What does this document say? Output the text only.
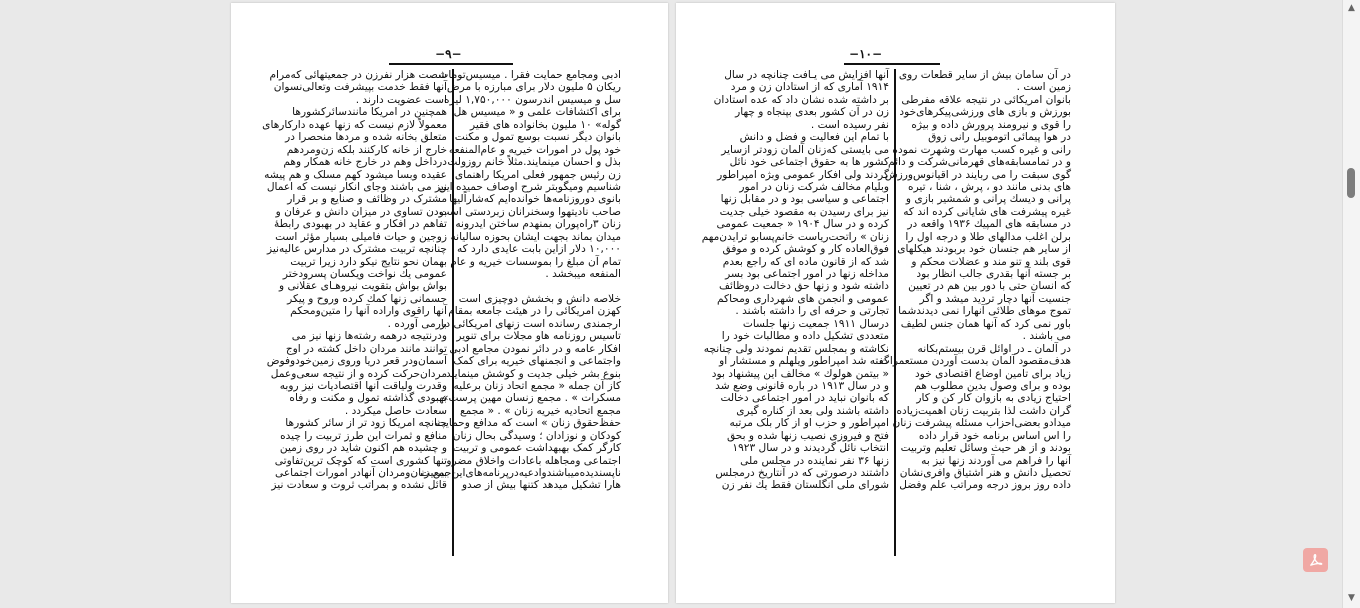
−٩−
ادبی ومجامع حمایت فقرا . میسیس‌توماث
ریکان ۵ ملیون دلار برای مبارزه با مرض
سل و میسیس اندرسون ۱,۷۵۰,۰۰۰ لیره
برای اکتشافات علمی و « میسیس هل
گوله‌» ۱۰ ملیون بخانواده های فقیر
بانوان دیگر نسبت بوسع تمول و مکنت
خود پول در امورات خیریه و عام‌المنفعه
بذل و احسان مینمایند.مثلاً خانم روزولت
زن رئیس جمهور فعلی امریکا راهنمای
شناسیم ومیگوبتر شرح اوصاف حمیده این
بانوی دوروزنامه‌ها خوانده‌ایم که‌شاراًلیها
صاحب نادیتهوا وسخنرانان زبردستی است
زنان ۳راه‌پوران بمنهدم ساختن ایدرونه
میدان بماند بجهت ایشان بحوزه سالیانه
۱۰,۰۰۰ دلار ازاین بابت عایدی دارد که
تمام آن مبلغ را بموسسات خیریه و عام
المنفعه میبخشد .
خلاصه دانش و بخشش دوچیزی است
کهزن امریکائی را در هیئت جامعه بمقام
ارجمندی رسانده است زنهای امریکائی در
تاسیس روزنامه هاو مجلات برای تنویر
افکار عامه و در دائر نمودن مجامع ادبی
واجتماعی و انجمنهای خیریه برای کمک
بنوع بشر خیلی جدیت و کوشش مینمایند
کاز آن جمله « مجمع اتحاد زنان برعلیه
مسکرات » . مجمع زنسان مهین پرست» ،
مجمع اتحادیه خیریه زنان » . « مجمع
حفظ‌حقوق زنان » است که مدافع وحمایت
کودکان و نوزادان ؛ وسیدگی بحال زنان
کارگر کمک بهبهداشت عمومی و تربیت
اجتماعی ومجاهله باعادات واخلاق مضرو
ناپسندیده‌میباشندوادعیه‌درپرنامه‌های‌این‌جمعیت
هارا تشکیل میدهد کتنها بیش از صدو
شصت هزار نفرزن در جمعیتهائی که‌مرام
آنها فقط خدمت بپیشرفت وتعالی‌نسوان
است عضویت دارند .
همچنین در امریکا مانندسائرکشورها
معمولاً لازم نیست که زنها عهده دارکارهای
متعلق بخانه شده و مردها منحصرا در
خارج از خانه کارکنند بلکه زن‌ومردهم
درداخل وهم در خارج خانه همکار وهم
عقیده وبسا میشود کهم مسلک و هم پیشه
نیز می باشند وجای انکار نیست که اعمال
مشترک در وظائف و صنایع و بر قرار
بودن تساوی در میزان دانش و عرفان و
تفاهم در افکار و عقاید در بهبودی رابطهٔ
زوجین و حیات فامیلی بسیار مؤثر است
چنانچه تربیت مشترک در مدارس عالیه‌نیز
بهمان نحو نتایج نیکو دارد زیرا تربیت
عمومی یك نواخت ویکسان پسرودختر
بواش بواش بتقویت نیروهـای عقلانی و
جسمانی زنها کمك کرده وروح و پیکر
آنها راقوی واراده آنها را متین‌ومحکم
بارمی آورده .
ودرنتیجه درهمه رشته‌ها زنها نیز می
توانند مانند مردان داخل کشته در اوج
آسمان‌ودر قعر دریا وروی زمین‌خودوفوض
مردان‌حرکت کرده و از نتیجه سعی‌وعمل
وقدرت ولیاقت آنها اقتصادیات نیز روبه
بهبودی گذاشته تمول و مکنت و رفاه
سعادت حاصل میکردد .
چنانچه امریکا زود تر از سائر کشورها
منافع و ثمرات این طرز تربیت را چیده
و چشیده هم اکنون شاید در روی زمین
تنها کشوری است که کوچک ترین‌تفاوتی
بین زنان‌ومردان آنهادر امورات اجتماعی
قائل نشده و بمراتب ثروت و سعادت نیز
−١٠−
در آن سامان بیش از سایر قطعات روی
زمین است .
بانوان امریکائی در نتیجه علاقه مفرطی
بورزش و بازی های ورزشی‌پیکرهای‌خود
را قوی و نیرومند پرورش داده و بیژه
در هوا پیمائی اتوموبیل رانی زوق
رانی و غیره کسب مهارت وشهرت نموده
و در تمامسابقه‌های قهرمانی‌شرکت و دائم
گوی سبقت را می ربایند در اقیانوس‌ورزش
های بدنی مانند دو ، پرش ، شنا ، تیره
پرانی و دیسك پرانی و شمشیر بازی و
غیره پیشرفت های شایانی کرده اند که
در مسابقه های المپیك ۱۹۳۶ واقعه در
برلن اغلب مدالهای طلا و درجه اول را
از سایر هم جنسان خود بربودند هیکلهای
قوی بلند و تنو مند و عضلات محکم و
بر جسته آنها بقدری جالب انظار بود
که انسان حتی با دور بین هم در تعیین
جنسیت آنها دچار تردید میشد و اگر
تموج موهای طلائی آنهارا نمی دیدند‌شما
باور نمی کرد که آنها همان جنس لطیف
می باشند .
در آلمان ـ در اوائل قرن بیستم‌بکانه
هدف‌مقصود آلمان بدست آوردن مستعمرات
زیاد برای تامین اوضاع اقتصادی خود
بوده و برای وصول بدین مطلوب هم
احتیاج زیادی به بازوان کار کن و کار
گران داشت لذا بتربیت زنان اهمیت‌زیاده
میدادو بعضی‌احزاب مسئله پیشرفت زنان
را اس اساس برنامه خود قرار داده
بودند و از هر حیث وسائل تعلیم وتربیت
آنها را فراهم می آوردند زنها نیز به
تحصیل دانش و هنر اشتیاق وافری‌نشان
داده روز بروز درجه ومراتب علم وفضل
آنها افزایش می یـافت چنانچه در سال
۱۹۱۴ آماری که از استادان زن و مرد
بر داشته شده نشان داد که عده استادان
زن در آن کشور بعدی بپنجاه و چهار
نفر رسیده است .
با تمام این فعالیت و فضل و دانش
می بایستی که‌زنان آلمان زودتر ازسایر
کشور ها به حقوق اجتماعی خود نائل
گردند ولی افکار عمومی وبژه امپراطور
وبلیام مخالف شرکت زنان در امور
اجتماعی و سیاسی بود و در مقابل زنها
نیز برای رسیدن به مقصود خیلی جدیت
کرده و در سال ۱۹۰۴ « جمعیت عمومی
زنان » راتحت‌ریاست خانم‌پسابو ترایدن‌مهم
فوق‌العاده کار و کوشش کرده و موفق
شد که از قانون ماده ای که راجع بعدم
مداخله زنها در امور اجتماعی بود بسر
داشته شود و زنها حق دخالت دروظائف
عمومی و انجمن های شهرداری ومحاکم
تجارتی و حرفه ای را داشته باشند .
درسال ۱۹۱۱ جمعیت زنها جلسات
متعددی تشکیل داده و مطالبات خود را
نکاشته و بمجلس تقدیم نمودند ولی چنانچه
گفته شد امپراطور ویلهلم و مستشار او
« بیتمن هولوك » مخالف این پیشنهاد بود
و در سال ۱۹۱۳ در باره قانونی وضع شد
که بانوان نباید در امور اجتماعی دخالت
داشته باشند ولی بعد از کناره گیری
امپراطور و حزب او از کار بلک مرتبه
فتح و فیروزی نصیب زنها شده و بحق
انتخاب نائل گردیدند و در سال ۱۹۲۳
زنها ۳۶ نفر نماینده در مجلس ملی
داشتند درصورتی که در آنتاریخ درمجلس
شورای ملی انگلستان فقط یك نفر زن
▲
▼
